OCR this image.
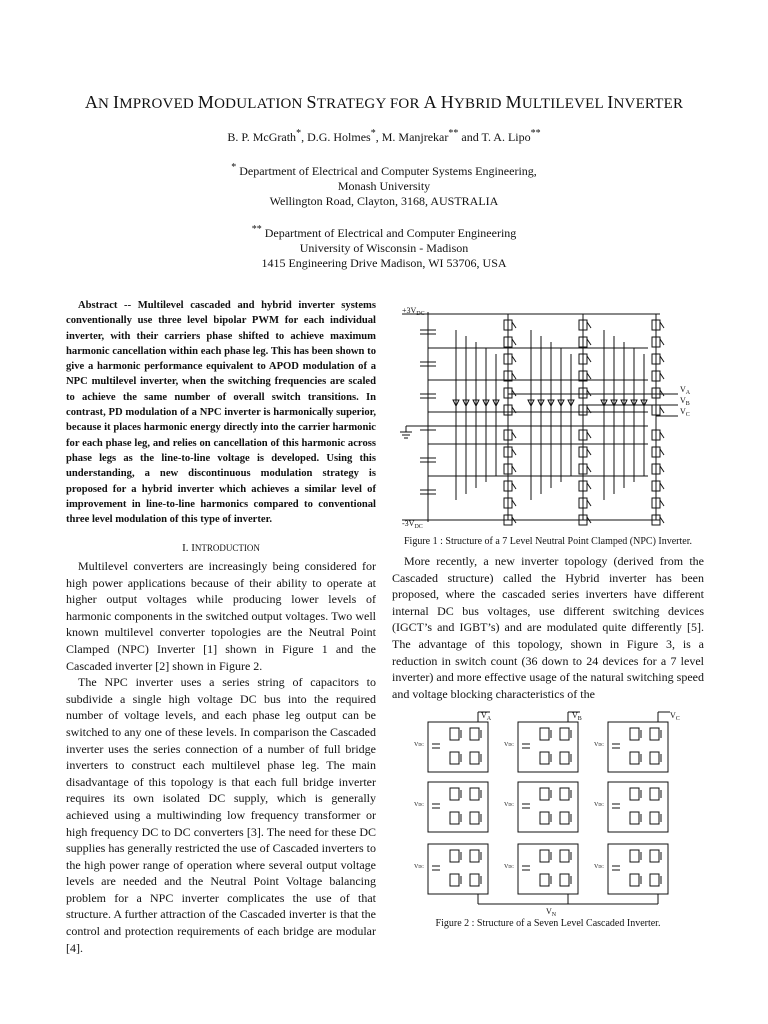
AN IMPROVED MODULATION STRATEGY FOR A HYBRID MULTILEVEL INVERTER
B. P. McGrath*, D.G. Holmes*, M. Manjrekar** and T. A. Lipo**
* Department of Electrical and Computer Systems Engineering,
Monash University
Wellington Road, Clayton, 3168, AUSTRALIA
** Department of Electrical and Computer Engineering
University of Wisconsin - Madison
1415 Engineering Drive Madison, WI 53706, USA
Abstract -- Multilevel cascaded and hybrid inverter systems conventionally use three level bipolar PWM for each individual inverter, with their carriers phase shifted to achieve maximum harmonic cancellation within each phase leg. This has been shown to give a harmonic performance equivalent to APOD modulation of a NPC multilevel inverter, when the switching frequencies are scaled to achieve the same number of overall switch transitions. In contrast, PD modulation of a NPC inverter is harmonically superior, because it places harmonic energy directly into the carrier harmonic for each phase leg, and relies on cancellation of this harmonic across phase legs as the line-to-line voltage is developed. Using this understanding, a new discontinuous modulation strategy is proposed for a hybrid inverter which achieves a similar level of improvement in line-to-line harmonics compared to conventional three level modulation of this type of inverter.
I. INTRODUCTION

Multilevel converters are increasingly being considered for high power applications because of their ability to operate at higher output voltages while producing lower levels of harmonic components in the switched output voltages. Two well known multilevel converter topologies are the Neutral Point Clamped (NPC) Inverter [1] shown in Figure 1 and the Cascaded inverter [2] shown in Figure 2.

The NPC inverter uses a series string of capacitors to subdivide a single high voltage DC bus into the required number of voltage levels, and each phase leg output can be switched to any one of these levels. In comparison the Cascaded inverter uses the series connection of a number of full bridge inverters to construct each multilevel phase leg. The main disadvantage of this topology is that each full bridge inverter requires its own isolated DC supply, which is generally achieved using a multiwinding low frequency transformer or high frequency DC to DC converters [3]. The need for these DC supplies has generally restricted the use of Cascaded inverters to the high power range of operation where several output voltage levels are needed and the Neutral Point Voltage balancing problem for a NPC inverter complicates the use of that structure. A further attraction of the Cascaded inverter is that the control and protection requirements of each bridge are modular [4].

$+3V_{DC}$
$-3V_{DC}$
$V_A$
$V_B$
$V_C$
Figure 1 : Structure of a 7 Level Neutral Point Clamped (NPC) Inverter.

More recently, a new inverter topology (derived from the Cascaded structure) called the Hybrid inverter has been proposed, where the cascaded series inverters have different internal DC bus voltages, use different switching devices (IGCT’s and IGBT’s) and are modulated quite differently [5]. The advantage of this topology, shown in Figure 3, is a reduction in switch count (36 down to 24 devices for a 7 level inverter) and more effective usage of the natural switching speed and voltage blocking characteristics of the

$V_A$	$V_B$	$V_C$
$V_N$
VDC
VDC
VDC
VDC
VDC
VDC
VDC
VDC
VDC
Figure 2 : Structure of a Seven Level Cascaded Inverter.
